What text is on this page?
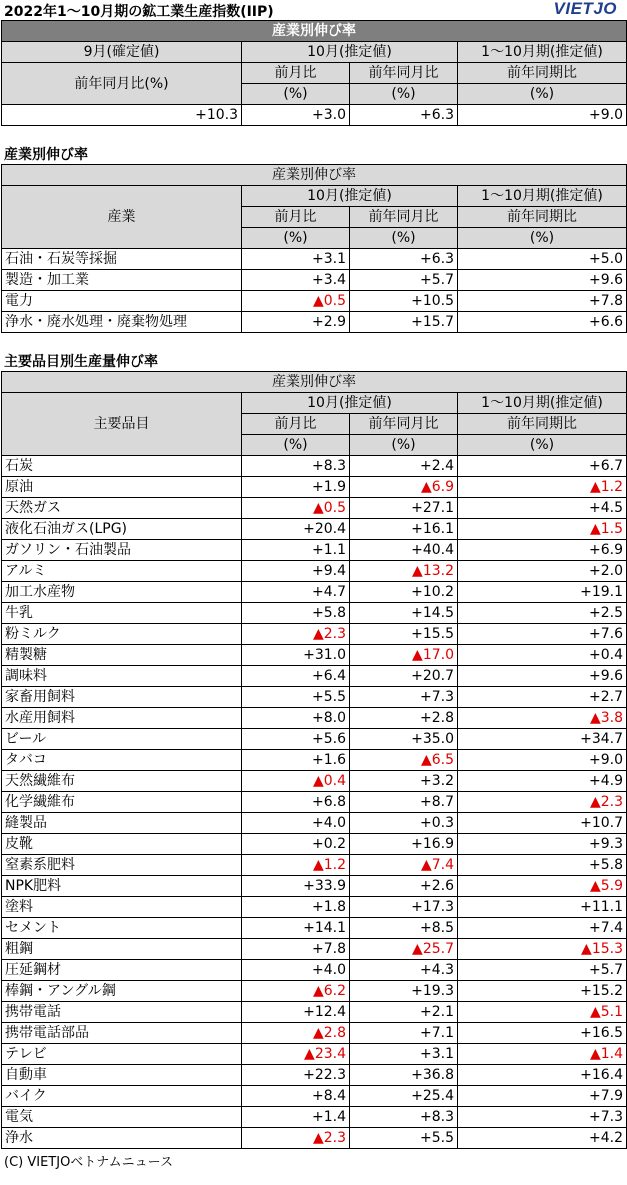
2022年1～10月期の鉱工業生産指数(IIP)	VIETJO
産業別伸び率			
9月(確定値)	10月(推定値)		1～10月期(推定値)
前年同月比(%)	前月比	前年同月比	前年同期比
	(%)	(%)	(%)
+10.3	+3.0	+6.3	+9.0
産業別伸び率
産業別伸び率			
産業	10月(推定値)		1～10月期(推定値)
	前月比	前年同月比	前年同期比
	(%)	(%)	(%)
石油・石炭等採掘	+3.1	+6.3	+5.0
製造・加工業	+3.4	+5.7	+9.6
電力	▲0.5	+10.5	+7.8
浄水・廃水処理・廃棄物処理	+2.9	+15.7	+6.6
主要品目別生産量伸び率
産業別伸び率			
主要品目	10月(推定値)		1～10月期(推定値)
	前月比	前年同月比	前年同期比
	(%)	(%)	(%)
石炭	+8.3	+2.4	+6.7
原油	+1.9	▲6.9	▲1.2
天然ガス	▲0.5	+27.1	+4.5
液化石油ガス(LPG)	+20.4	+16.1	▲1.5
ガソリン・石油製品	+1.1	+40.4	+6.9
アルミ	+9.4	▲13.2	+2.0
加工水産物	+4.7	+10.2	+19.1
牛乳	+5.8	+14.5	+2.5
粉ミルク	▲2.3	+15.5	+7.6
精製糖	+31.0	▲17.0	+0.4
調味料	+6.4	+20.7	+9.6
家畜用飼料	+5.5	+7.3	+2.7
水産用飼料	+8.0	+2.8	▲3.8
ビール	+5.6	+35.0	+34.7
タバコ	+1.6	▲6.5	+9.0
天然繊維布	▲0.4	+3.2	+4.9
化学繊維布	+6.8	+8.7	▲2.3
縫製品	+4.0	+0.3	+10.7
皮靴	+0.2	+16.9	+9.3
窒素系肥料	▲1.2	▲7.4	+5.8
NPK肥料	+33.9	+2.6	▲5.9
塗料	+1.8	+17.3	+11.1
セメント	+14.1	+8.5	+7.4
粗鋼	+7.8	▲25.7	▲15.3
圧延鋼材	+4.0	+4.3	+5.7
棒鋼・アングル鋼	▲6.2	+19.3	+15.2
携帯電話	+12.4	+2.1	▲5.1
携帯電話部品	▲2.8	+7.1	+16.5
テレビ	▲23.4	+3.1	▲1.4
自動車	+22.3	+36.8	+16.4
バイク	+8.4	+25.4	+7.9
電気	+1.4	+8.3	+7.3
浄水	▲2.3	+5.5	+4.2
(C) VIETJOベトナムニュース
